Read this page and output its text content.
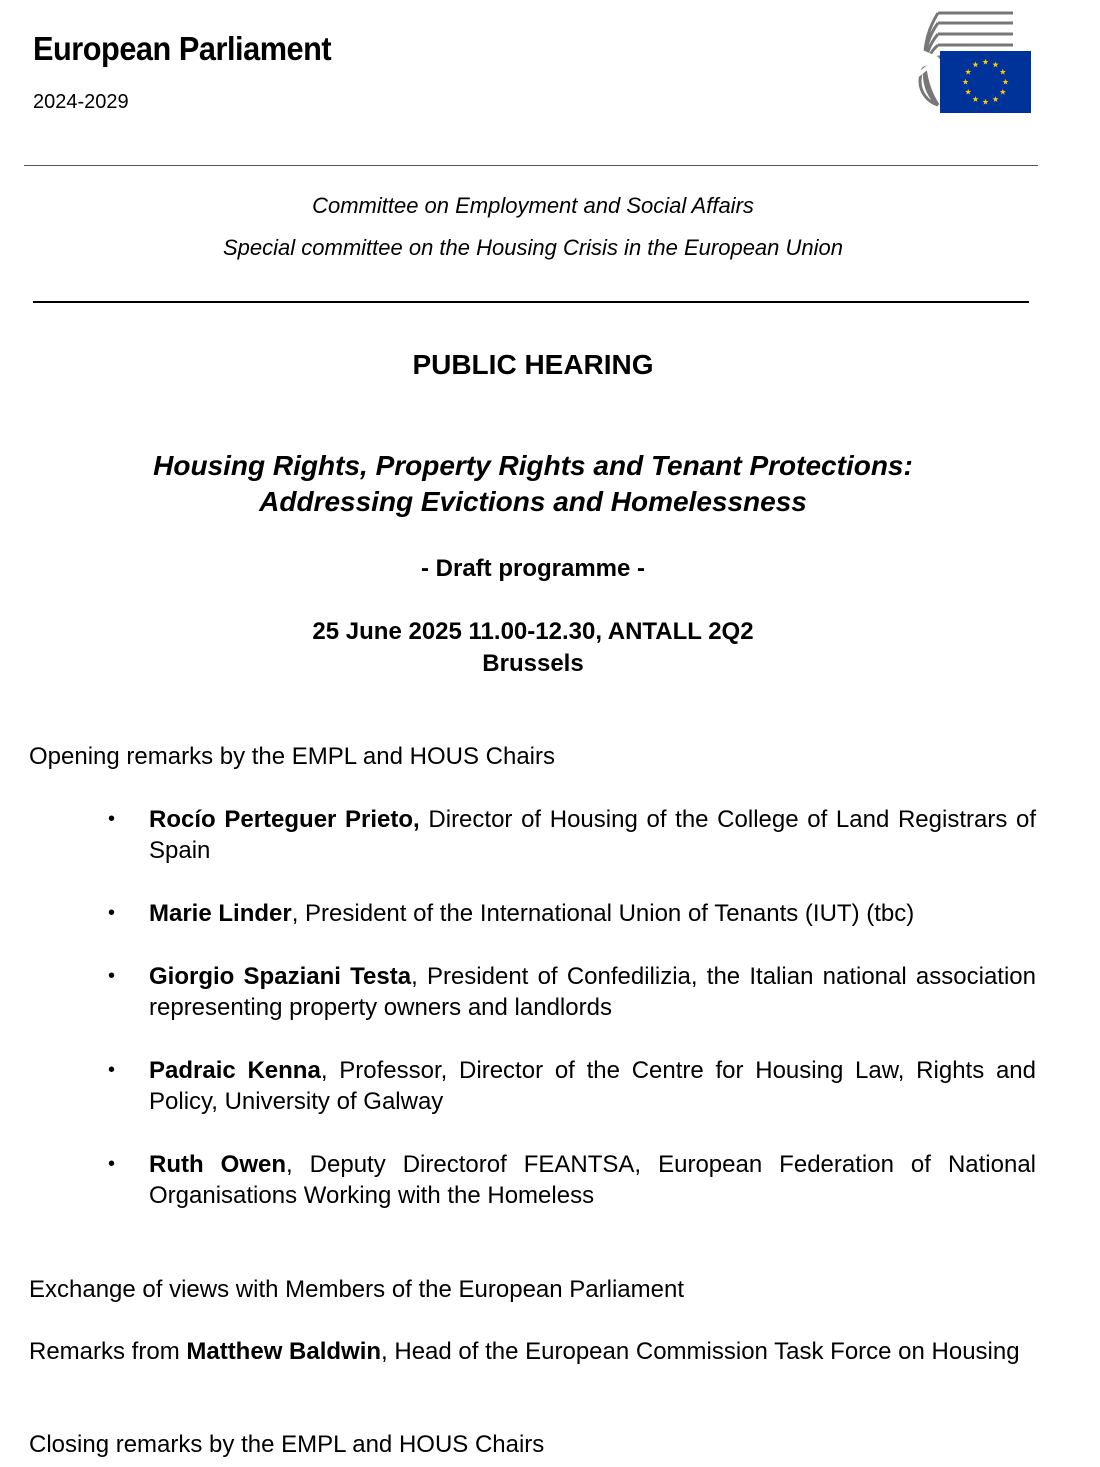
European Parliament
2024-2029
Committee on Employment and Social Affairs
Special committee on the Housing Crisis in the European Union
PUBLIC HEARING
Housing Rights, Property Rights and Tenant Protections:
Addressing Evictions and Homelessness
- Draft programme -
25 June 2025 11.00-12.30, ANTALL 2Q2
Brussels
Opening remarks by the EMPL and HOUS Chairs
• Rocío Perteguer Prieto, Director of Housing of the College of Land Registrars of Spain
• Marie Linder, President of the International Union of Tenants (IUT) (tbc)
• Giorgio Spaziani Testa, President of Confedilizia, the Italian national association representing property owners and landlords
• Padraic Kenna, Professor, Director of the Centre for Housing Law, Rights and Policy, University of Galway
• Ruth Owen, Deputy Directorof FEANTSA, European Federation of National Organisations Working with the Homeless
Exchange of views with Members of the European Parliament
Remarks from Matthew Baldwin, Head of the European Commission Task Force on Housing
Closing remarks by the EMPL and HOUS Chairs
